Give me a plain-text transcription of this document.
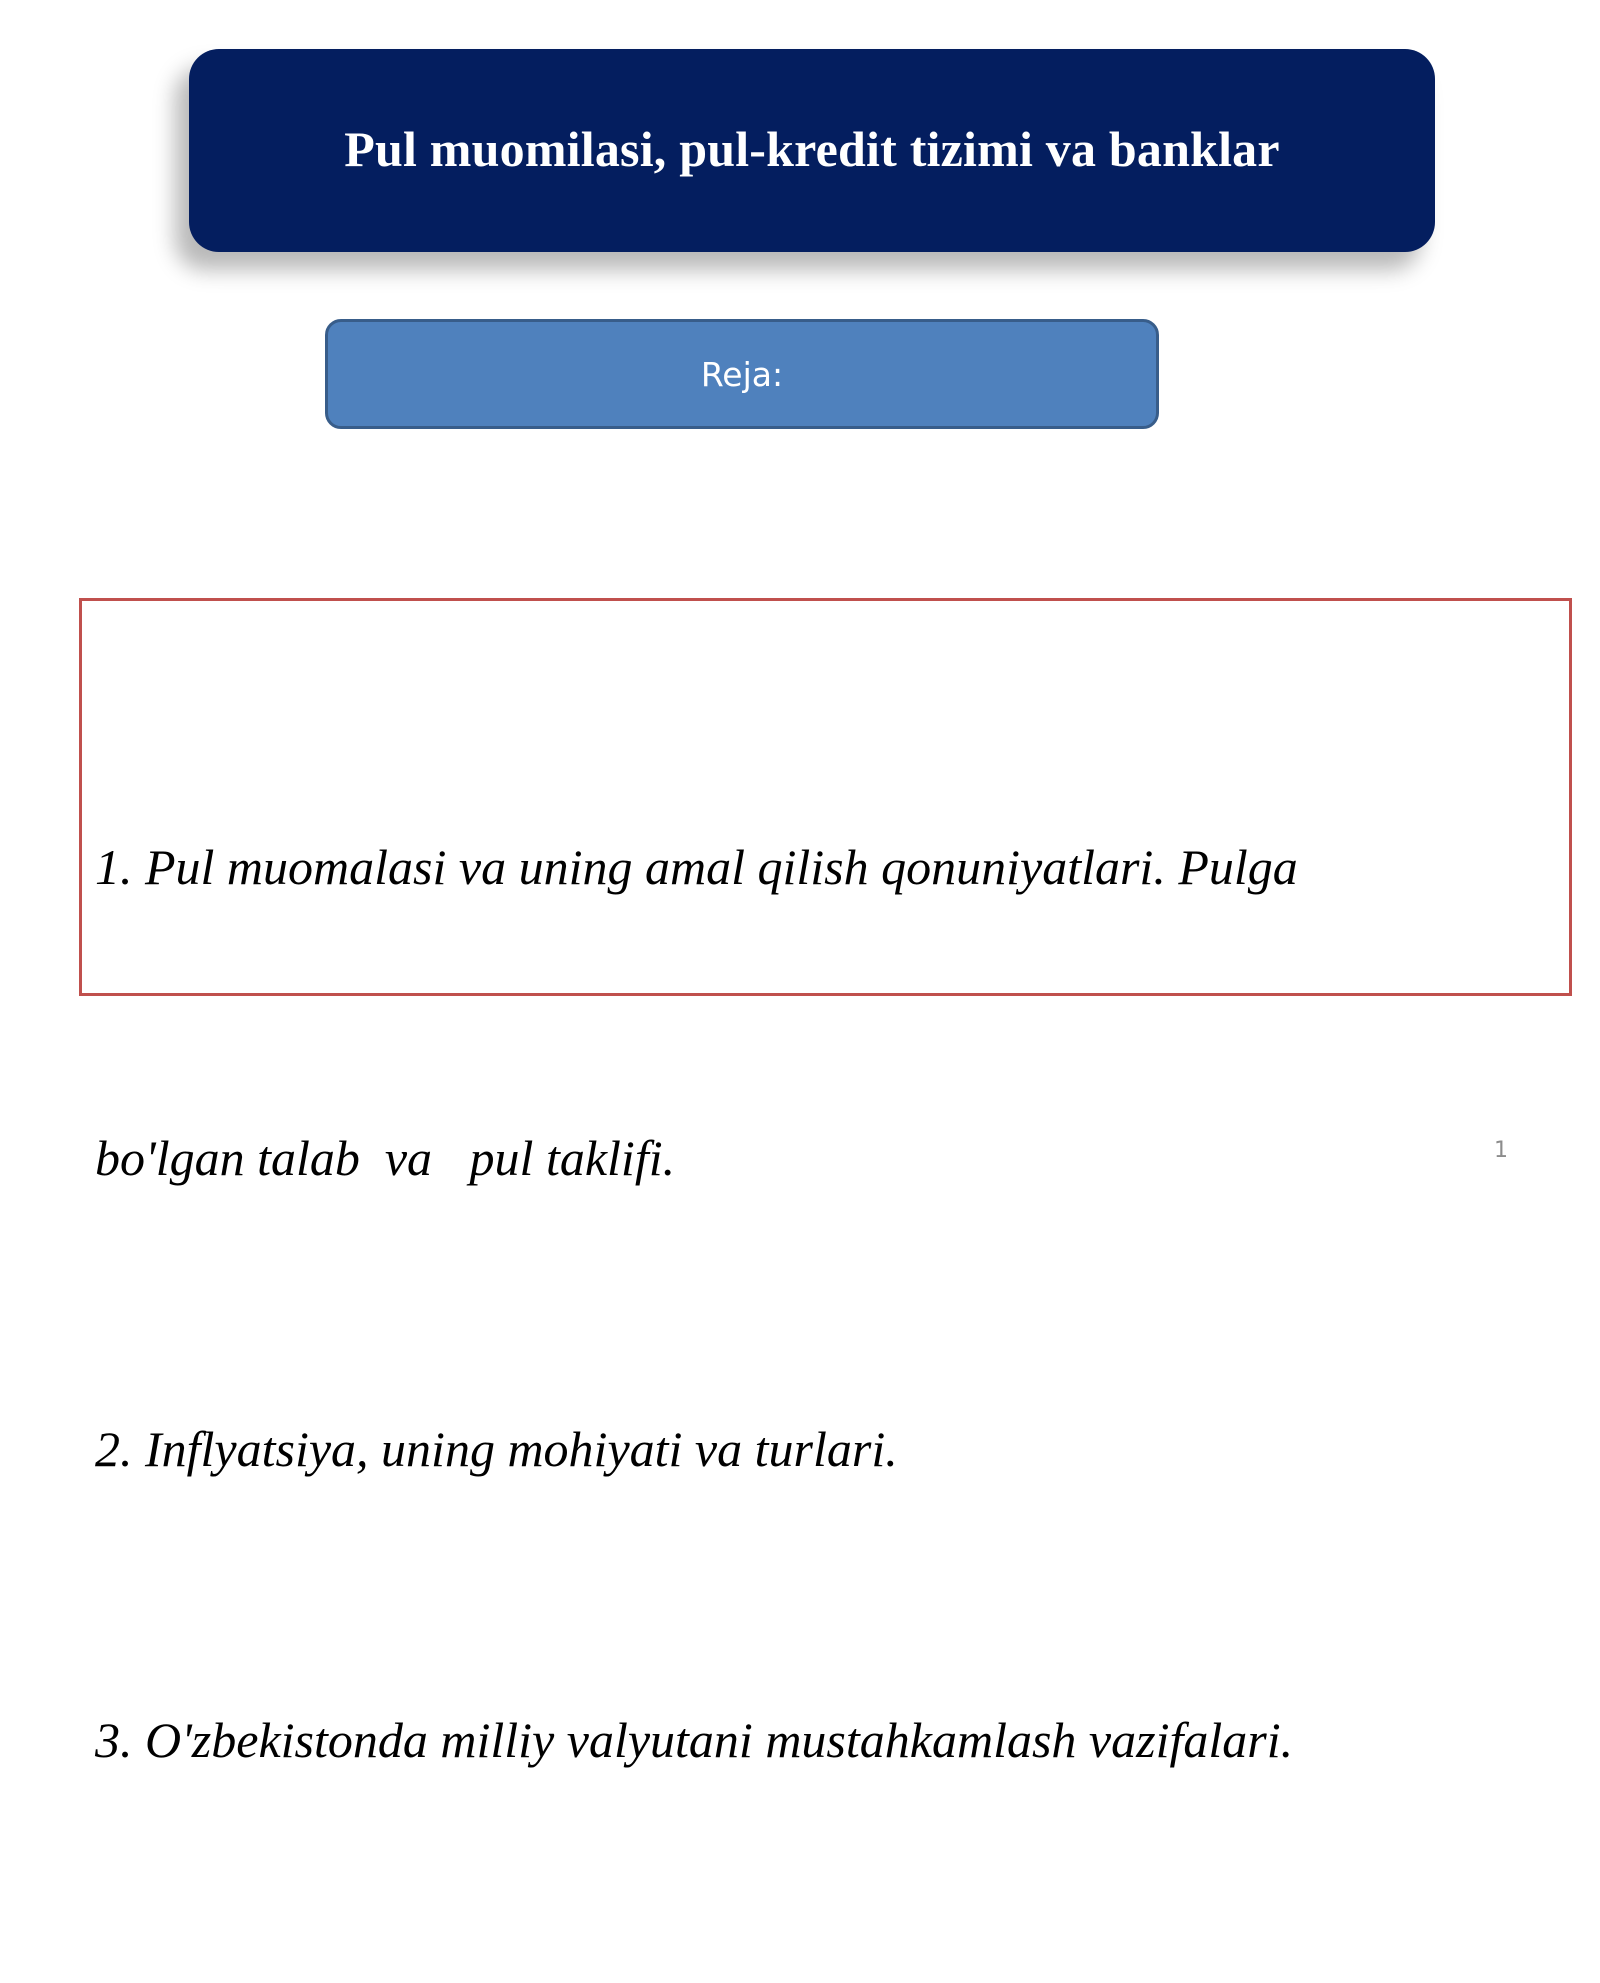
Pul muomilasi, pul-kredit tizimi va banklar
Reja:

1. Pul muomalasi va uning amal qilish qonuniyatlari. Pulga

bo'lgan talab  va   pul taklifi.

2. Inflyatsiya, uning mohiyati va turlari.

3. O'zbekistonda milliy valyutani mustahkamlash vazifalari.

1
